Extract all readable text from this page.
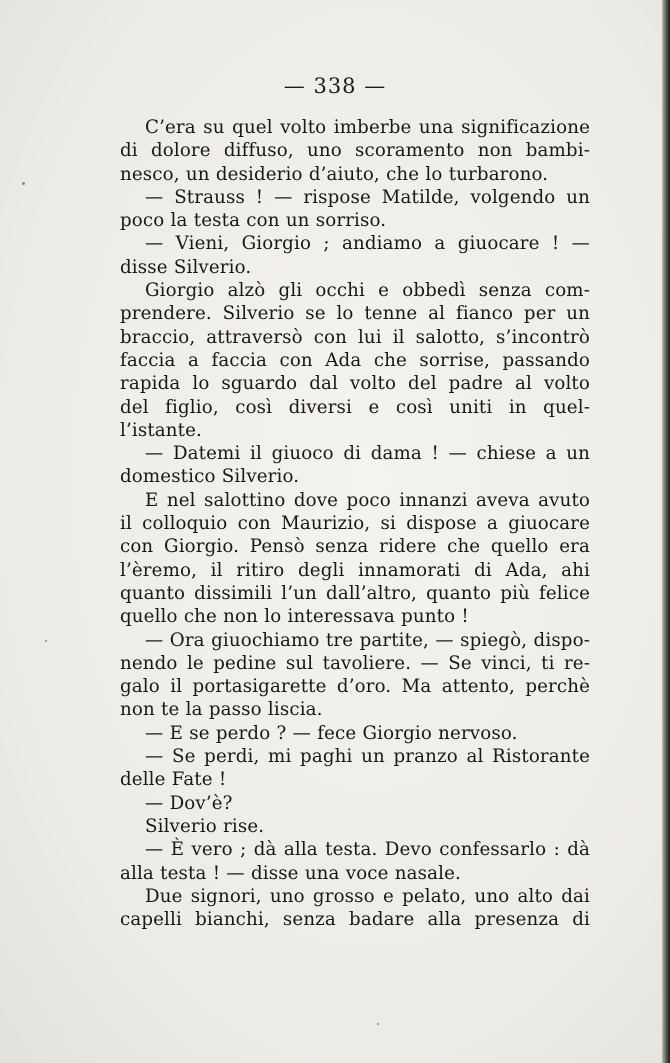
— 338 —
C’era su quel volto imberbe una significazione
di dolore diffuso, uno scoramento non bambi-
nesco, un desiderio d’aiuto, che lo turbarono.
— Strauss ! — rispose Matilde, volgendo un
poco la testa con un sorriso.
— Vieni, Giorgio ; andiamo a giuocare ! —
disse Silverio.
Giorgio alzò gli occhi e obbedì senza com-
prendere. Silverio se lo tenne al fianco per un
braccio, attraversò con lui il salotto, s’incontrò
faccia a faccia con Ada che sorrise, passando
rapida lo sguardo dal volto del padre al volto
del figlio, così diversi e così uniti in quel-
l’istante.
— Datemi il giuoco di dama ! — chiese a un
domestico Silverio.
E nel salottino dove poco innanzi aveva avuto
il colloquio con Maurizio, si dispose a giuocare
con Giorgio. Pensò senza ridere che quello era
l’èremo, il ritiro degli innamorati di Ada, ahi
quanto dissimili l’un dall’altro, quanto più felice
quello che non lo interessava punto !
— Ora giuochiamo tre partite, — spiegò, dispo-
nendo le pedine sul tavoliere. — Se vinci, ti re-
galo il portasigarette d’oro. Ma attento, perchè
non te la passo liscia.
— E se perdo ? — fece Giorgio nervoso.
— Se perdi, mi paghi un pranzo al Ristorante
delle Fate !
— Dov’è?
Silverio rise.
— È vero ; dà alla testa. Devo confessarlo : dà
alla testa ! — disse una voce nasale.
Due signori, uno grosso e pelato, uno alto dai
capelli bianchi, senza badare alla presenza di
